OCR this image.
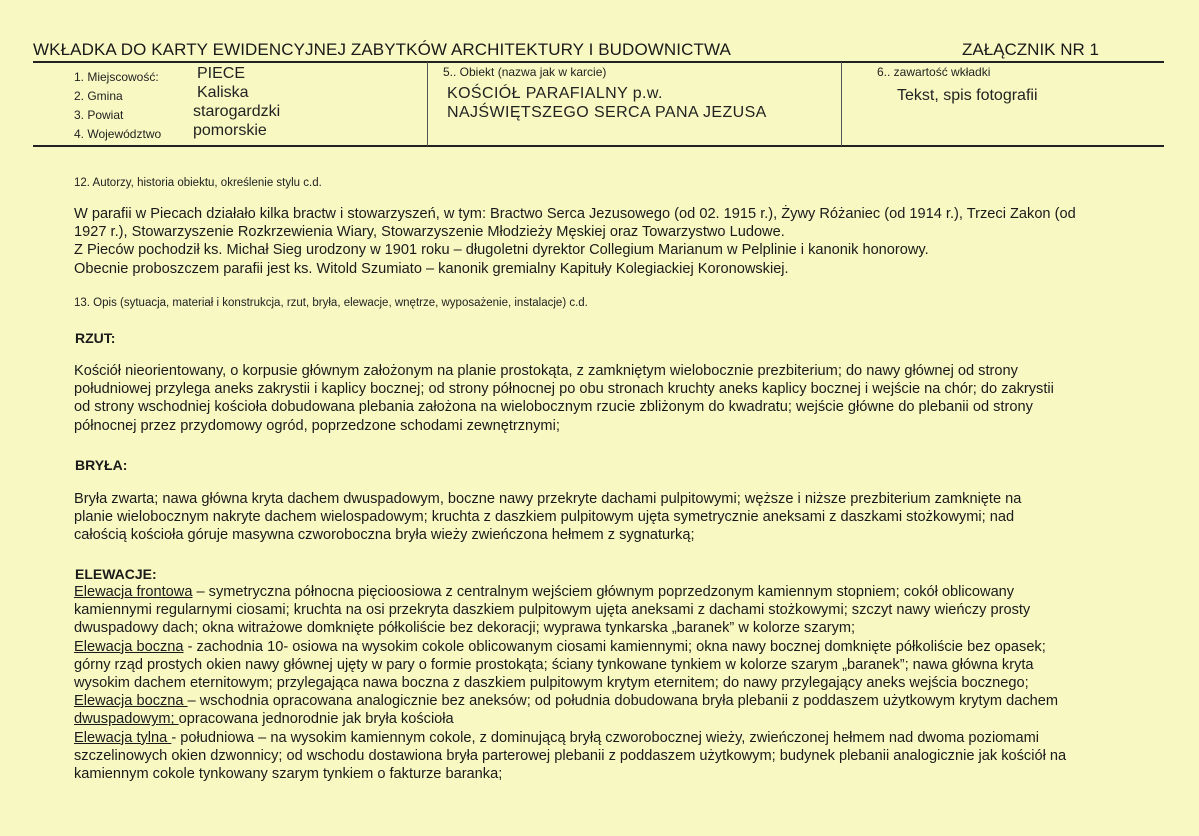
WKŁADKA DO KARTY EWIDENCYJNEJ ZABYTKÓW ARCHITEKTURY I BUDOWNICTWA	ZAŁĄCZNIK NR 1
1. Miejscowość: PIECE
2. Gmina	Kaliska
3. Powiat	starogardzki
4. Województwo pomorskie
5.. Obiekt (nazwa jak w karcie)
KOŚCIÓŁ PARAFIALNY p.w.
NAJŚWIĘTSZEGO SERCA PANA JEZUSA
6.. zawartość wkładki
Tekst, spis fotografii
12. Autorzy, historia obiektu, określenie stylu c.d.
W parafii w Piecach działało kilka bractw i stowarzyszeń, w tym: Bractwo Serca Jezusowego (od 02. 1915 r.), Żywy Różaniec (od 1914 r.), Trzeci Zakon (od
1927 r.), Stowarzyszenie Rozkrzewienia Wiary, Stowarzyszenie Młodzieży Męskiej oraz Towarzystwo Ludowe.
Z Pieców pochodził ks. Michał Sieg urodzony w 1901 roku – długoletni dyrektor Collegium Marianum w Pelplinie i kanonik honorowy.
Obecnie proboszczem parafii jest ks. Witold Szumiato – kanonik gremialny Kapituły Kolegiackiej Koronowskiej.
13. Opis (sytuacja, materiał i konstrukcja, rzut, bryła, elewacje, wnętrze, wyposażenie, instalacje) c.d.
RZUT:
Kościół nieorientowany, o korpusie głównym założonym na planie prostokąta, z zamkniętym wielobocznie prezbiterium; do nawy głównej od strony
południowej przylega aneks zakrystii i kaplicy bocznej; od strony północnej po obu stronach kruchty aneks kaplicy bocznej i wejście na chór; do zakrystii
od strony wschodniej kościoła dobudowana plebania założona na wielobocznym rzucie zbliżonym do kwadratu; wejście główne do plebanii od strony
północnej przez przydomowy ogród, poprzedzone schodami zewnętrznymi;
BRYŁA:
Bryła zwarta; nawa główna kryta dachem dwuspadowym, boczne nawy przekryte dachami pulpitowymi; węższe i niższe prezbiterium zamknięte na
planie wielobocznym nakryte dachem wielospadowym; kruchta z daszkiem pulpitowym ujęta symetrycznie aneksami z daszkami stożkowymi; nad
całością kościoła góruje masywna czworoboczna bryła wieży zwieńczona hełmem z sygnaturką;
ELEWACJE:
Elewacja frontowa – symetryczna północna pięcioosiowa z centralnym wejściem głównym poprzedzonym kamiennym stopniem; cokół oblicowany
kamiennymi regularnymi ciosami; kruchta na osi przekryta daszkiem pulpitowym ujęta aneksami z dachami stożkowymi; szczyt nawy wieńczy prosty
dwuspadowy dach; okna witrażowe domknięte półkoliście bez dekoracji; wyprawa tynkarska „baranek” w kolorze szarym;
Elewacja boczna - zachodnia 10- osiowa na wysokim cokole oblicowanym ciosami kamiennymi; okna nawy bocznej domknięte półkoliście bez opasek;
górny rząd prostych okien nawy głównej ujęty w pary o formie prostokąta; ściany tynkowane tynkiem w kolorze szarym „baranek”; nawa główna kryta
wysokim dachem eternitowym; przylegająca nawa boczna z daszkiem pulpitowym krytym eternitem; do nawy przylegający aneks wejścia bocznego;
Elewacja boczna – wschodnia opracowana analogicznie bez aneksów; od południa dobudowana bryła plebanii z poddaszem użytkowym krytym dachem
dwuspadowym; opracowana jednorodnie jak bryła kościoła
Elewacja tylna - południowa – na wysokim kamiennym cokole, z dominującą bryłą czworobocznej wieży, zwieńczonej hełmem nad dwoma poziomami
szczelinowych okien dzwonnicy; od wschodu dostawiona bryła parterowej plebanii z poddaszem użytkowym; budynek plebanii analogicznie jak kościół na
kamiennym cokole tynkowany szarym tynkiem o fakturze baranka;
